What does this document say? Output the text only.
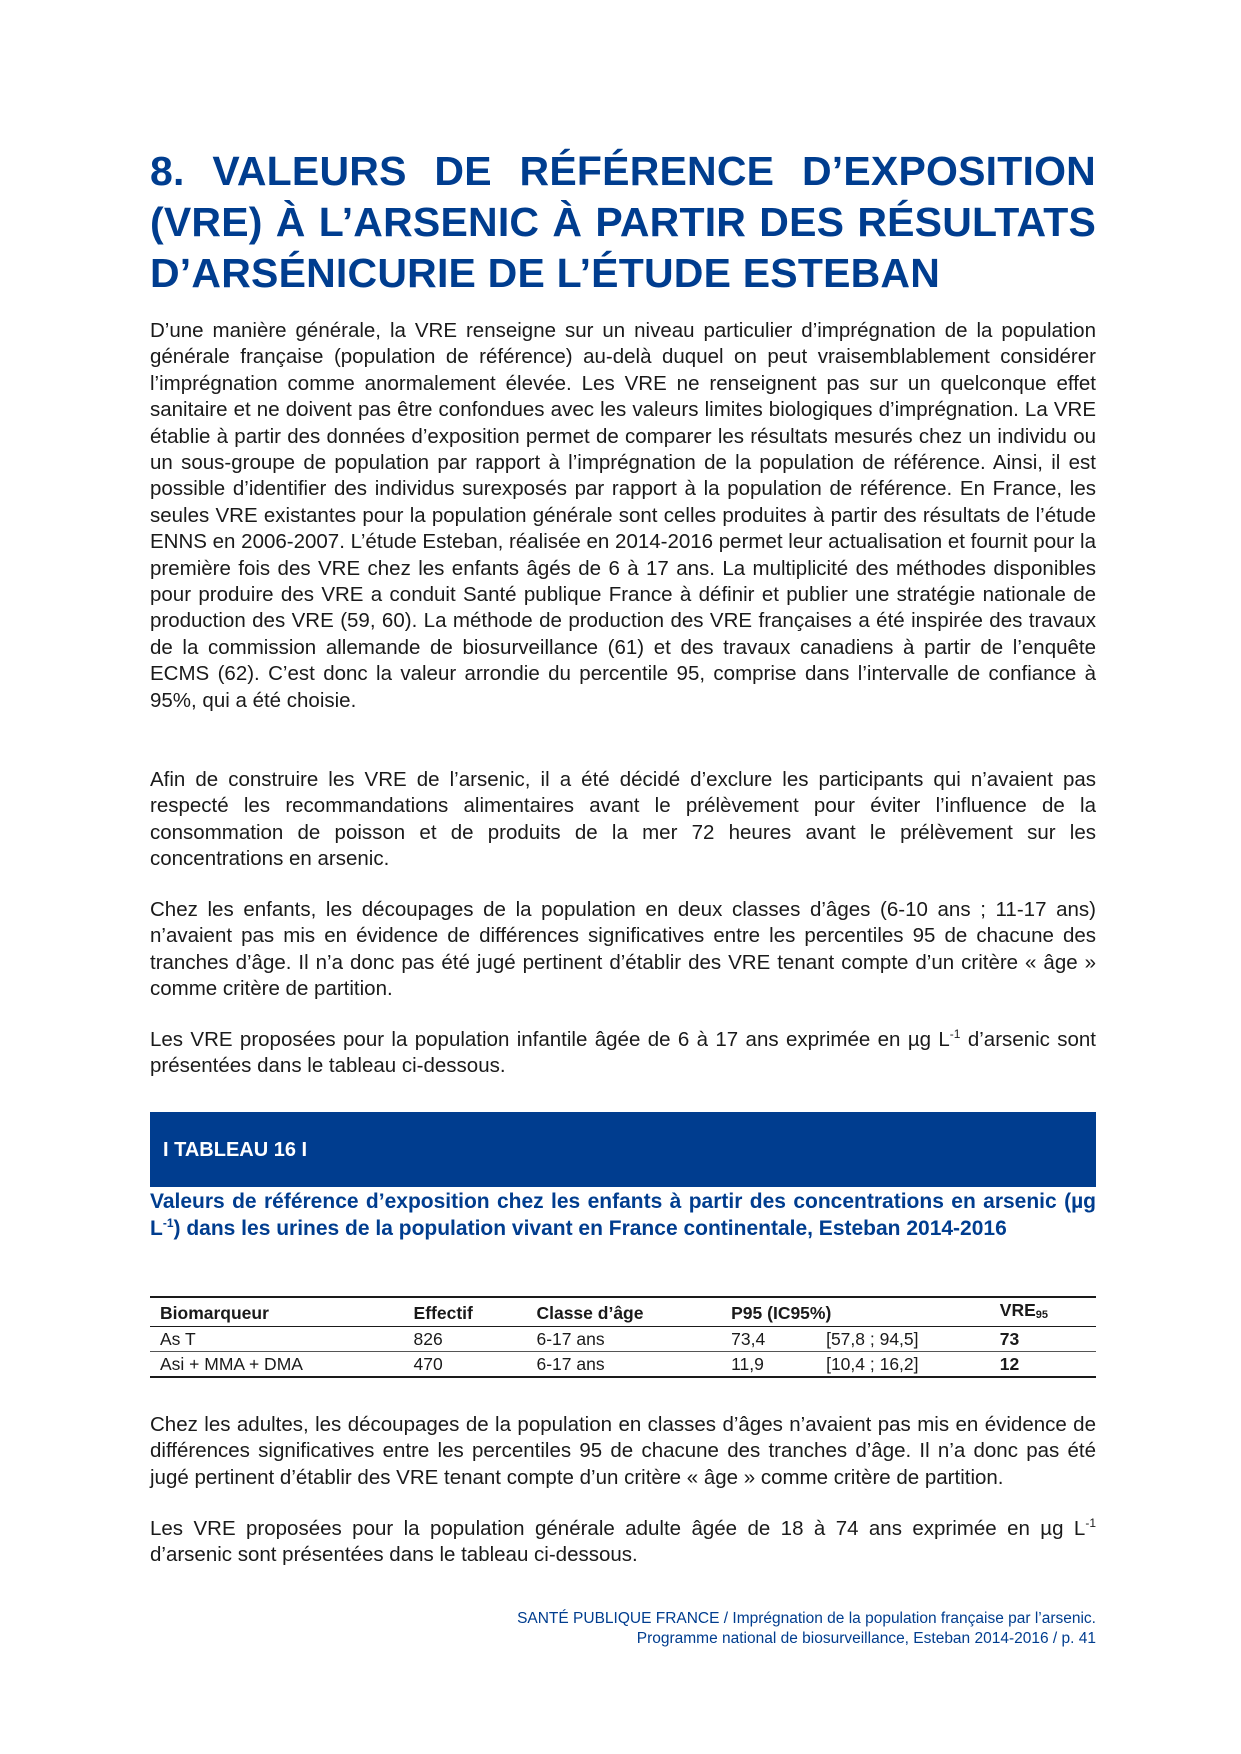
8. VALEURS DE RÉFÉRENCE D’EXPOSITION (VRE) À L’ARSENIC À PARTIR DES RÉSULTATS D’ARSÉNICURIE DE L’ÉTUDE ESTEBAN

D’une manière générale, la VRE renseigne sur un niveau particulier d’imprégnation de la population générale française (population de référence) au-delà duquel on peut vraisemblablement considérer l’imprégnation comme anormalement élevée. Les VRE ne renseignent pas sur un quelconque effet sanitaire et ne doivent pas être confondues avec les valeurs limites biologiques d’imprégnation. La VRE établie à partir des données d’exposition permet de comparer les résultats mesurés chez un individu ou un sous-groupe de population par rapport à l’imprégnation de la population de référence. Ainsi, il est possible d’identifier des individus surexposés par rapport à la population de référence. En France, les seules VRE existantes pour la population générale sont celles produites à partir des résultats de l’étude ENNS en 2006-2007. L’étude Esteban, réalisée en 2014-2016 permet leur actualisation et fournit pour la première fois des VRE chez les enfants âgés de 6 à 17 ans. La multiplicité des méthodes disponibles pour produire des VRE a conduit Santé publique France à définir et publier une stratégie nationale de production des VRE (59, 60). La méthode de production des VRE françaises a été inspirée des travaux de la commission allemande de biosurveillance (61) et des travaux canadiens à partir de l’enquête ECMS (62). C’est donc la valeur arrondie du percentile 95, comprise dans l’intervalle de confiance à 95%, qui a été choisie.

Afin de construire les VRE de l’arsenic, il a été décidé d’exclure les participants qui n’avaient pas respecté les recommandations alimentaires avant le prélèvement pour éviter l’influence de la consommation de poisson et de produits de la mer 72 heures avant le prélèvement sur les concentrations en arsenic.

Chez les enfants, les découpages de la population en deux classes d’âges (6-10 ans ; 11-17 ans) n’avaient pas mis en évidence de différences significatives entre les percentiles 95 de chacune des tranches d’âge. Il n’a donc pas été jugé pertinent d’établir des VRE tenant compte d’un critère « âge » comme critère de partition.

Les VRE proposées pour la population infantile âgée de 6 à 17 ans exprimée en µg $L^{-1}$ d’arsenic sont présentées dans le tableau ci-dessous.

I TABLEAU 16 I

Valeurs de référence d’exposition chez les enfants à partir des concentrations en arsenic (µg $L^{-1}$) dans les urines de la population vivant en France continentale, Esteban 2014-2016

Biomarqueur	Effectif	Classe d’âge	P95 (IC95%)		VRE95
As T	826	6-17 ans	73,4	[57,8 ; 94,5]	73
Asi + MMA + DMA	470	6-17 ans	11,9	[10,4 ; 16,2]	12

Chez les adultes, les découpages de la population en classes d’âges n’avaient pas mis en évidence de différences significatives entre les percentiles 95 de chacune des tranches d’âge. Il n’a donc pas été jugé pertinent d’établir des VRE tenant compte d’un critère « âge » comme critère de partition.

Les VRE proposées pour la population générale adulte âgée de 18 à 74 ans exprimée en µg $L^{-1}$ d’arsenic sont présentées dans le tableau ci-dessous.

SANTÉ PUBLIQUE FRANCE / Imprégnation de la population française par l’arsenic.
Programme national de biosurveillance, Esteban 2014-2016 / p. 41
